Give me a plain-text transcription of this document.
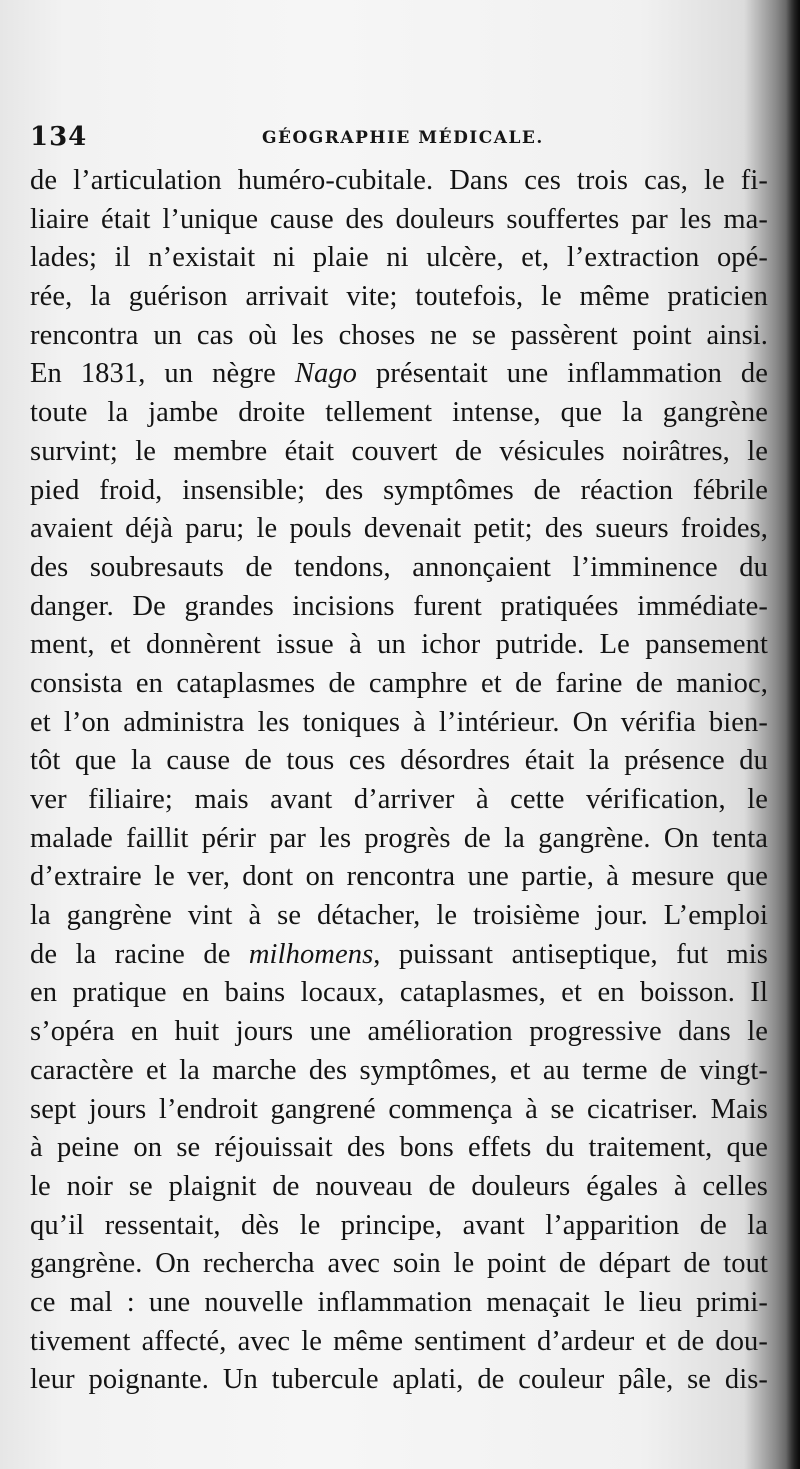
134	GÉOGRAPHIE MÉDICALE.
de l’articulation huméro-cubitale. Dans ces trois cas, le fi-
liaire était l’unique cause des douleurs souffertes par les ma-
lades; il n’existait ni plaie ni ulcère, et, l’extraction opé-
rée, la guérison arrivait vite; toutefois, le même praticien
rencontra un cas où les choses ne se passèrent point ainsi.
En 1831, un nègre Nago présentait une inflammation de
toute la jambe droite tellement intense, que la gangrène
survint; le membre était couvert de vésicules noirâtres, le
pied froid, insensible; des symptômes de réaction fébrile
avaient déjà paru; le pouls devenait petit; des sueurs froides,
des soubresauts de tendons, annonçaient l’imminence du
danger. De grandes incisions furent pratiquées immédiate-
ment, et donnèrent issue à un ichor putride. Le pansement
consista en cataplasmes de camphre et de farine de manioc,
et l’on administra les toniques à l’intérieur. On vérifia bien-
tôt que la cause de tous ces désordres était la présence du
ver filiaire; mais avant d’arriver à cette vérification, le
malade faillit périr par les progrès de la gangrène. On tenta
d’extraire le ver, dont on rencontra une partie, à mesure que
la gangrène vint à se détacher, le troisième jour. L’emploi
de la racine de milhomens, puissant antiseptique, fut mis
en pratique en bains locaux, cataplasmes, et en boisson. Il
s’opéra en huit jours une amélioration progressive dans le
caractère et la marche des symptômes, et au terme de vingt-
sept jours l’endroit gangrené commença à se cicatriser. Mais
à peine on se réjouissait des bons effets du traitement, que
le noir se plaignit de nouveau de douleurs égales à celles
qu’il ressentait, dès le principe, avant l’apparition de la
gangrène. On rechercha avec soin le point de départ de tout
ce mal : une nouvelle inflammation menaçait le lieu primi-
tivement affecté, avec le même sentiment d’ardeur et de dou-
leur poignante. Un tubercule aplati, de couleur pâle, se dis-
